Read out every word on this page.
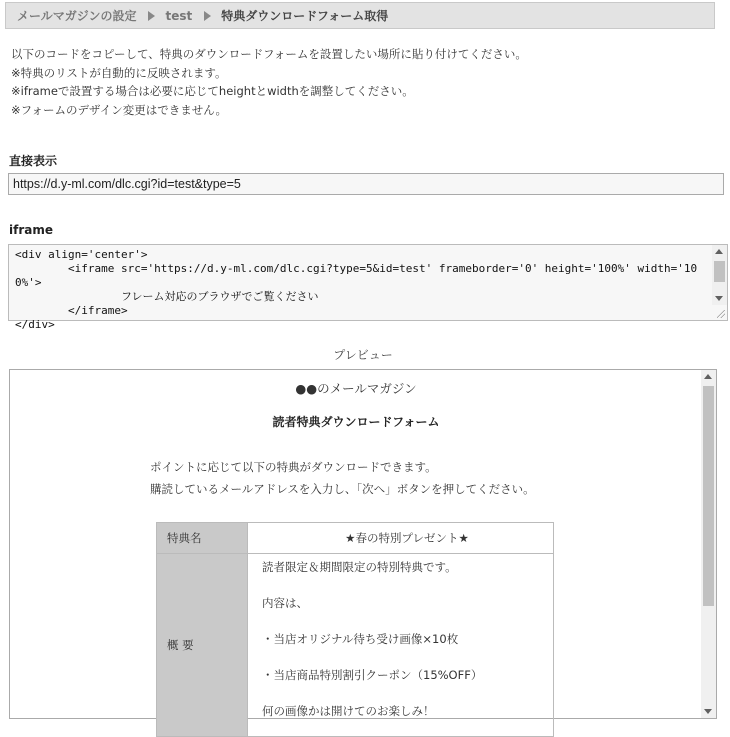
メールマガジンの設定 test 特典ダウンロードフォーム取得
以下のコードをコピーして、特典のダウンロードフォームを設置したい場所に貼り付けてください。
※特典のリストが自動的に反映されます。
※iframeで設置する場合は必要に応じてheightとwidthを調整してください。
※フォームのデザイン変更はできません。
直接表示
https://d.y-ml.com/dlc.cgi?id=test&type=5
iframe
<div align='center'>
<iframe src='https://d.y-ml.com/dlc.cgi?type=5&id=test' frameborder='0' height='100%' width='100%'>
フレーム対応のブラウザでご覧ください
</iframe>
</div>
プレビュー
●●のメールマガジン
読者特典ダウンロードフォーム
ポイントに応じて以下の特典がダウンロードできます。
購読しているメールアドレスを入力し、「次へ」ボタンを押してください。
特典名	★春の特別プレゼント★
概 要	読者限定＆期間限定の特別特典です。
内容は、
・当店オリジナル待ち受け画像×10枚
・当店商品特別割引クーポン（15%OFF）
何の画像かは開けてのお楽しみ！
